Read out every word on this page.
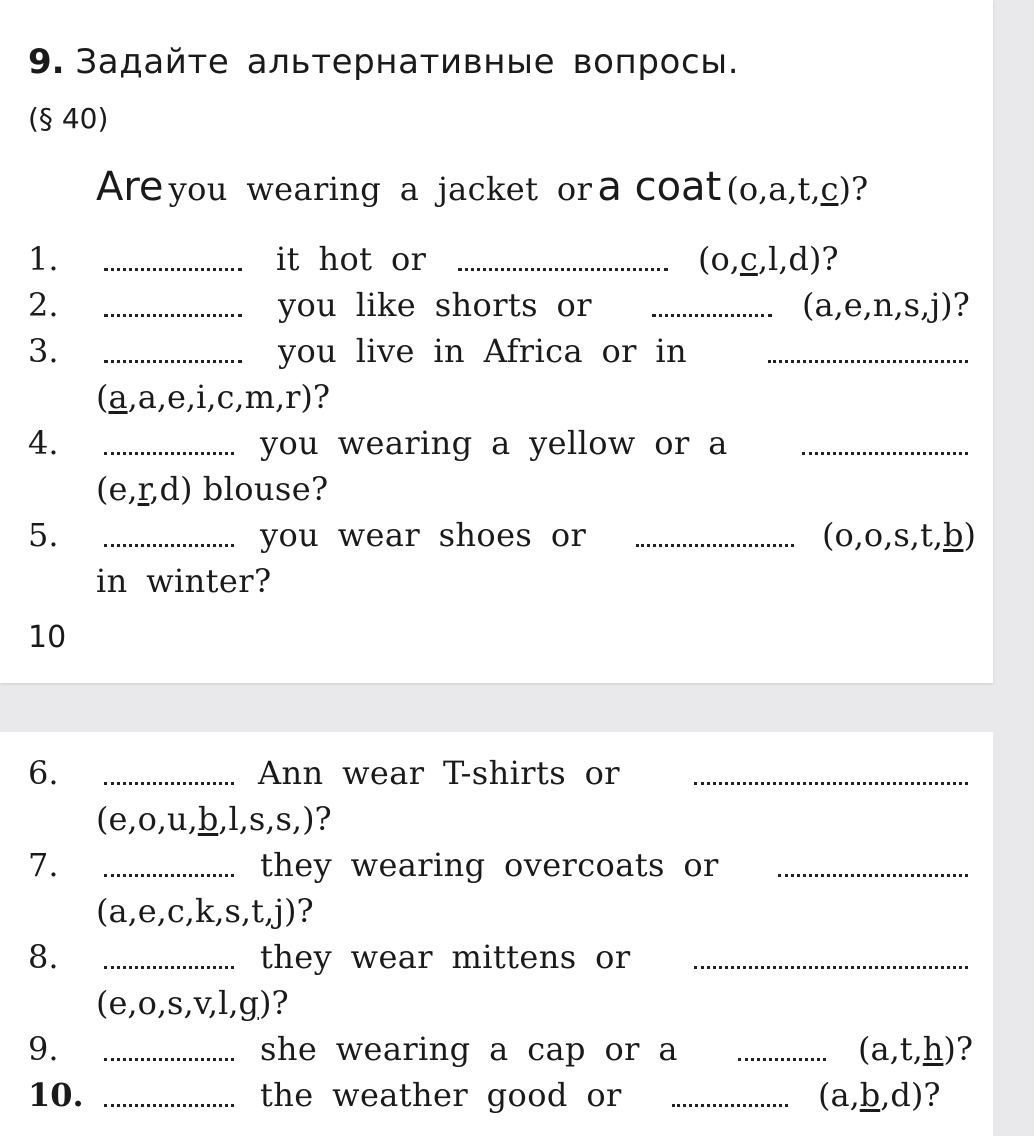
9. Задайте альтернативные вопросы.
(§ 40)
Are you wearing a jacket or a coat (o,a,t,c)?
1.	it hot or	(o,c,l,d)?
2.	you like shorts or	(a,e,n,s,j)?
3.	you live in Africa or in
(a,a,e,i,c,m,r)?
4.	you wearing a yellow or a
(e,r,d) blouse?
5.	you wear shoes or	(o,o,s,t,b)
in winter?
10
6.	Ann wear T-shirts or
(e,o,u,b,l,s,s,)?
7.	they wearing overcoats or
(a,e,c,k,s,t,j)?
8.	they wear mittens or
(e,o,s,v,l,g)?
9.	she wearing a cap or a	(a,t,h)?
10.	the weather good or	(a,b,d)?
